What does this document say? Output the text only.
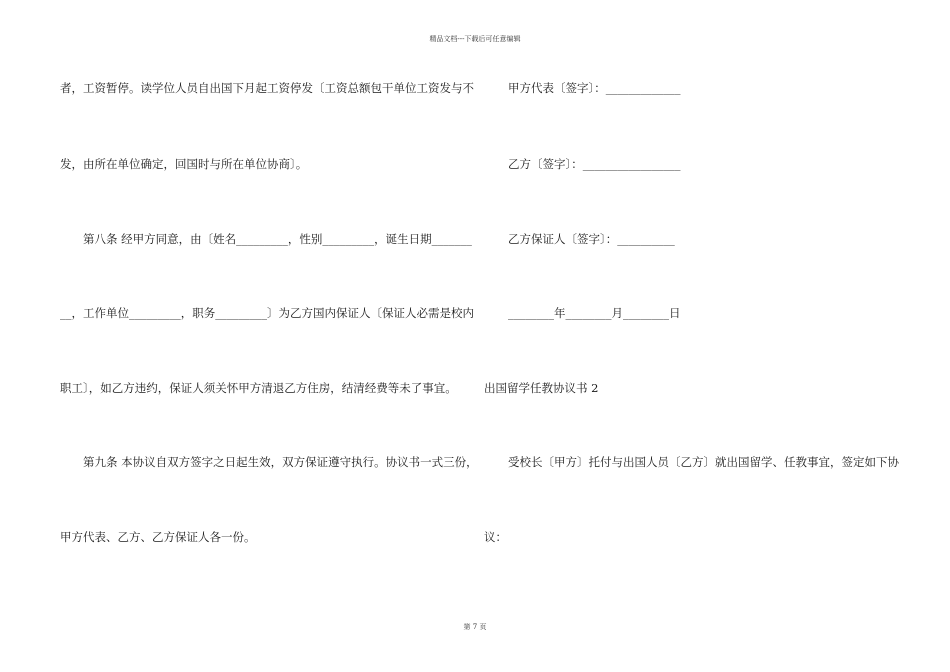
精品文档---下载后可任意编辑
者，工资暂停。读学位人员自出国下月起工资停发〔工资总额包干单位工资发与不
发，由所在单位确定，回国时与所在单位协商〕。
第八条 经甲方同意，由〔姓名_________，性别_________，诞生日期_______
__，工作单位_________，职务_________〕为乙方国内保证人〔保证人必需是校内
职工〕，如乙方违约，保证人须关怀甲方清退乙方住房，结清经费等未了事宜。
第九条 本协议自双方签字之日起生效，双方保证遵守执行。协议书一式三份，
甲方代表、乙方、乙方保证人各一份。
甲方代表〔签字〕：_____________
乙方〔签字〕：_________________
乙方保证人〔签字〕：__________
________年________月________日
出国留学任教协议书 2
受校长〔甲方〕托付与出国人员〔乙方〕就出国留学、任教事宜，签定如下协
议：
第 7 页
